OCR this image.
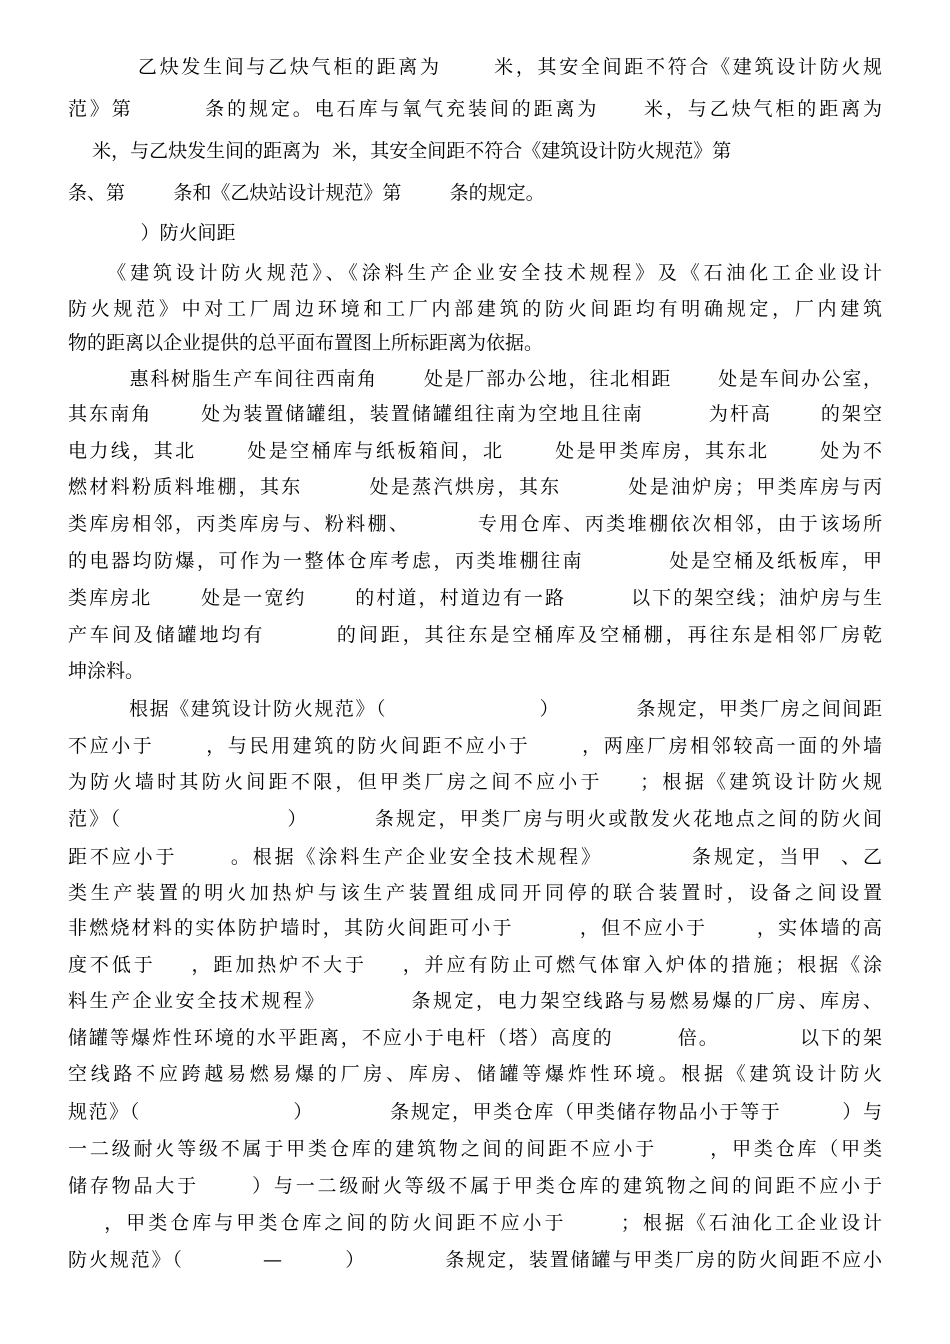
乙炔发生间与乙炔气柜的距离为      米，其安全间距不符合《建筑设计防火规
范》第        条的规定。电石库与氧气充装间的距离为     米，与乙炔气柜的距离为
米，与乙炔发生间的距离为  米，其安全间距不符合《建筑设计防火规范》第
条、第        条和《乙炔站设计规范》第        条的规定。
）防火间距
《建筑设计防火规范》、《涂料生产企业安全技术规程》及《石油化工企业设计
防火规范》中对工厂周边环境和工厂内部建筑的防火间距均有明确规定，厂内建筑
物的距离以企业提供的总平面布置图上所标距离为依据。
惠科树脂生产车间往西南角      处是厂部办公地，往北相距      处是车间办公室，
其东南角      处为装置储罐组，装置储罐组往南为空地且往南        为杆高      的架空
电力线，其北      处是空桶库与纸板箱间，北      处是甲类库房，其东北      处为不
燃材料粉质料堆棚，其东        处是蒸汽烘房，其东        处是油炉房；甲类库房与丙
类库房相邻，丙类库房与、粉料棚、        专用仓库、丙类堆棚依次相邻，由于该场所
的电器均防爆，可作为一整体仓库考虑，丙类堆棚往南          处是空桶及纸板库，甲
类库房北      处是一宽约      的村道，村道边有一路        以下的架空线；油炉房与生
产车间及储罐地均有        的间距，其往东是空桶库及空桶棚，再往东是相邻厂房乾
坤涂料。
根据《建筑设计防火规范》（                    ）          条规定，甲类厂房之间间距
不应小于      ，与民用建筑的防火间距不应小于      ，两座厂房相邻较高一面的外墙
为防火墙时其防火间距不限，但甲类厂房之间不应小于    ；根据《建筑设计防火规
范》（                    ）        条规定，甲类厂房与明火或散发火花地点之间的防火间
距不应小于      。根据《涂料生产企业安全技术规程》          条规定，当甲  、乙
类生产装置的明火加热炉与该生产装置组成同开同停的联合装置时，设备之间设置
非燃烧材料的实体防护墙时，其防火间距可小于        ，但不应小于      ，实体墙的高
度不低于    ，距加热炉不大于    ，并应有防止可燃气体窜入炉体的措施；根据《涂
料生产企业安全技术规程》          条规定，电力架空线路与易燃易爆的厂房、库房、
储罐等爆炸性环境的水平距离，不应小于电杆（塔）高度的        倍。          以下的架
空线路不应跨越易燃易爆的厂房、库房、储罐等爆炸性环境。根据《建筑设计防火
规范》（                    ）          条规定，甲类仓库（甲类储存物品小于等于        ）与
一二级耐火等级不属于甲类仓库的建筑物之间的间距不应小于      ，甲类仓库（甲类
储存物品大于      ）与一二级耐火等级不属于甲类仓库的建筑物之间的间距不应小于
，甲类仓库与甲类仓库之间的防火间距不应小于      ；根据《石油化工企业设计
防火规范》（          —        ）          条规定，装置储罐与甲类厂房的防火间距不应小
